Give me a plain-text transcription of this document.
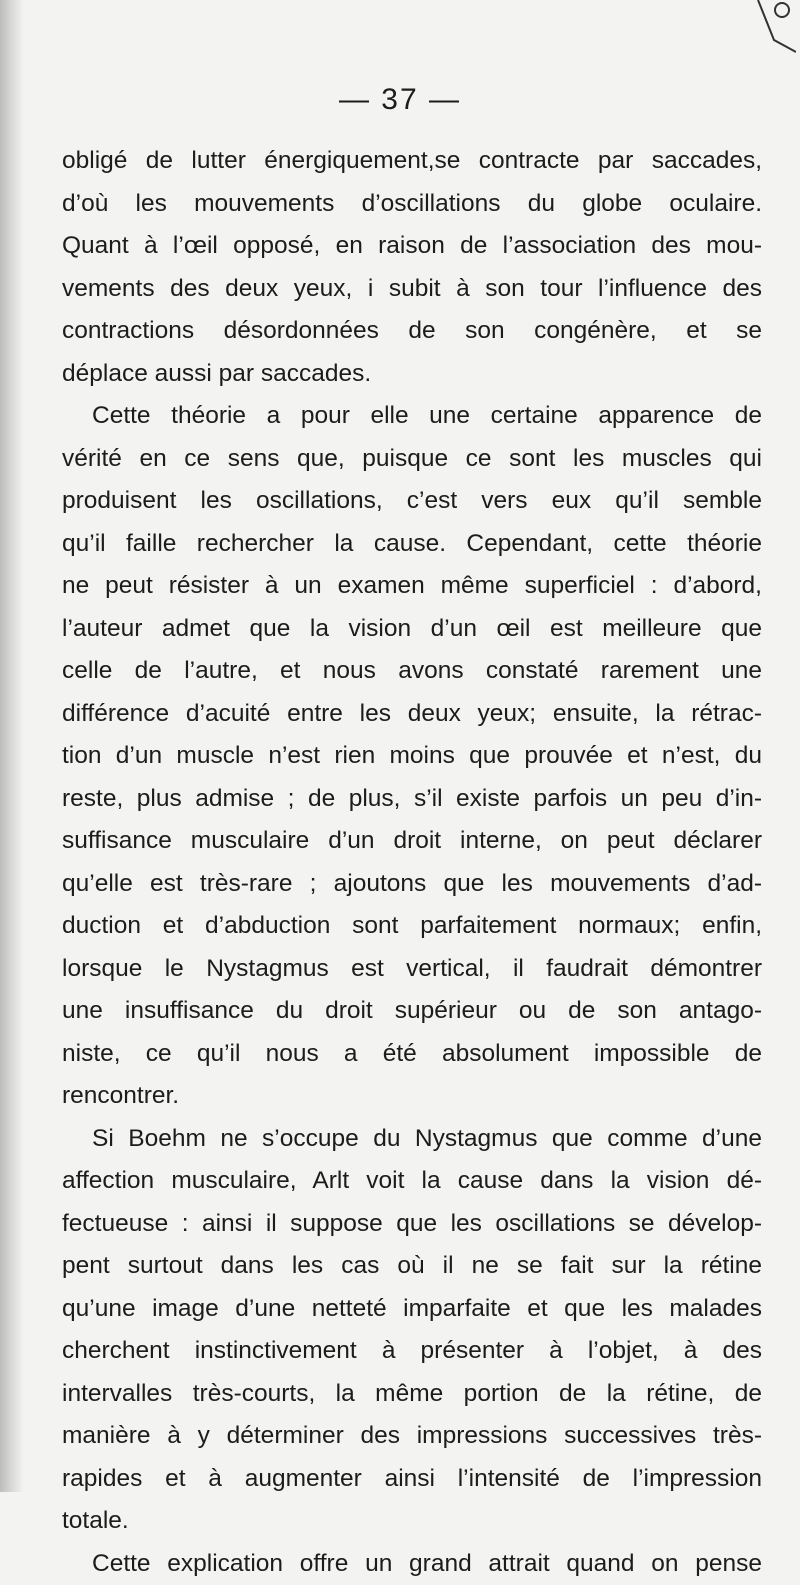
— 37 —
obligé de lutter énergiquement,se contracte par saccades,
d’où les mouvements d’oscillations du globe oculaire.
Quant à l’œil opposé, en raison de l’association des mou-
vements des deux yeux, i subit à son tour l’influence des
contractions désordonnées de son congénère, et se
déplace aussi par saccades.
Cette théorie a pour elle une certaine apparence de
vérité en ce sens que, puisque ce sont les muscles qui
produisent les oscillations, c’est vers eux qu’il semble
qu’il faille rechercher la cause. Cependant, cette théorie
ne peut résister à un examen même superficiel : d’abord,
l’auteur admet que la vision d’un œil est meilleure que
celle de l’autre, et nous avons constaté rarement une
différence d’acuité entre les deux yeux; ensuite, la rétrac-
tion d’un muscle n’est rien moins que prouvée et n’est, du
reste, plus admise ; de plus, s’il existe parfois un peu d’in-
suffisance musculaire d’un droit interne, on peut déclarer
qu’elle est très-rare ; ajoutons que les mouvements d’ad-
duction et d’abduction sont parfaitement normaux; enfin,
lorsque le Nystagmus est vertical, il faudrait démontrer
une insuffisance du droit supérieur ou de son antago-
niste, ce qu’il nous a été absolument impossible de
rencontrer.
Si Boehm ne s’occupe du Nystagmus que comme d’une
affection musculaire, Arlt voit la cause dans la vision dé-
fectueuse : ainsi il suppose que les oscillations se dévelop-
pent surtout dans les cas où il ne se fait sur la rétine
qu’une image d’une netteté imparfaite et que les malades
cherchent instinctivement à présenter à l’objet, à des
intervalles très-courts, la même portion de la rétine, de
manière à y déterminer des impressions successives très-
rapides et à augmenter ainsi l’intensité de l’impression
totale.
Cette explication offre un grand attrait quand on pense
